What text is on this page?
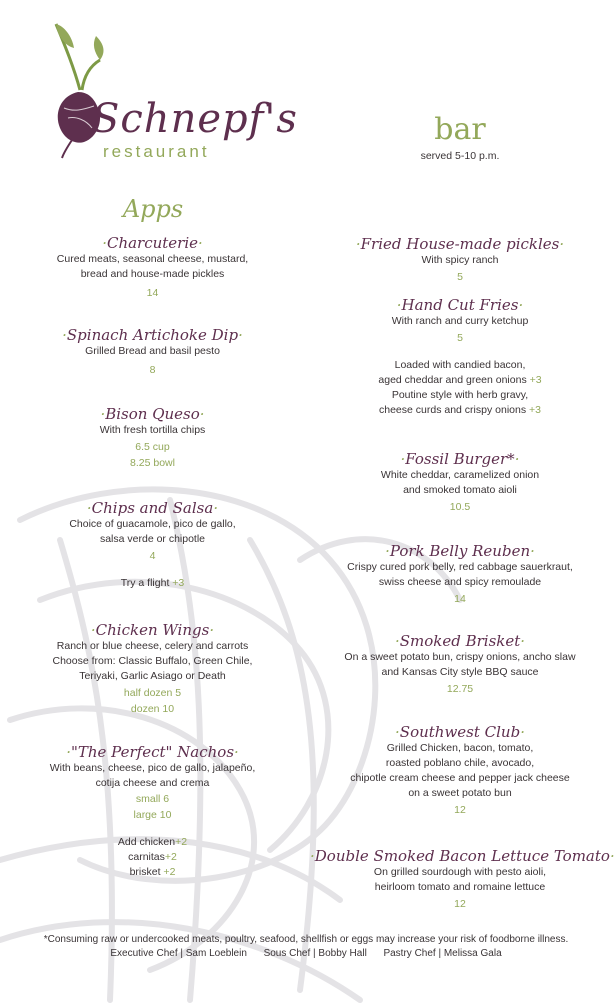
Schnepf's
restaurant
bar
served 5-10 p.m.
Apps
·Charcuterie·
Cured meats, seasonal cheese, mustard,
bread and house-made pickles
14
·Spinach Artichoke Dip·
Grilled Bread and basil pesto
8
·Bison Queso·
With fresh tortilla chips
6.5 cup
8.25 bowl
·Chips and Salsa·
Choice of guacamole, pico de gallo,
salsa verde or chipotle
4
Try a flight +3
·Chicken Wings·
Ranch or blue cheese, celery and carrots
Choose from: Classic Buffalo, Green Chile,
Teriyaki, Garlic Asiago or Death
half dozen 5
dozen 10
·"The Perfect" Nachos·
With beans, cheese, pico de gallo, jalapeño,
cotija cheese and crema
small 6
large 10
Add chicken+2
carnitas+2
brisket +2
·Fried House-made pickles·
With spicy ranch
5
·Hand Cut Fries·
With ranch and curry ketchup
5
Loaded with candied bacon,
aged cheddar and green onions +3
Poutine style with herb gravy,
cheese curds and crispy onions +3
·Fossil Burger*·
White cheddar, caramelized onion
and smoked tomato aioli
10.5
·Pork Belly Reuben·
Crispy cured pork belly, red cabbage sauerkraut,
swiss cheese and spicy remoulade
14
·Smoked Brisket·
On a sweet potato bun, crispy onions, ancho slaw
and Kansas City style BBQ sauce
12.75
·Southwest Club·
Grilled Chicken, bacon, tomato,
roasted poblano chile, avocado,
chipotle cream cheese and pepper jack cheese
on a sweet potato bun
12
·Double Smoked Bacon Lettuce Tomato·
On grilled sourdough with pesto aioli,
heirloom tomato and romaine lettuce
12
*Consuming raw or undercooked meats, poultry, seafood, shellfish or eggs may increase your risk of foodborne illness.
Executive Chef | Sam Loeblein      Sous Chef | Bobby Hall      Pastry Chef | Melissa Gala
